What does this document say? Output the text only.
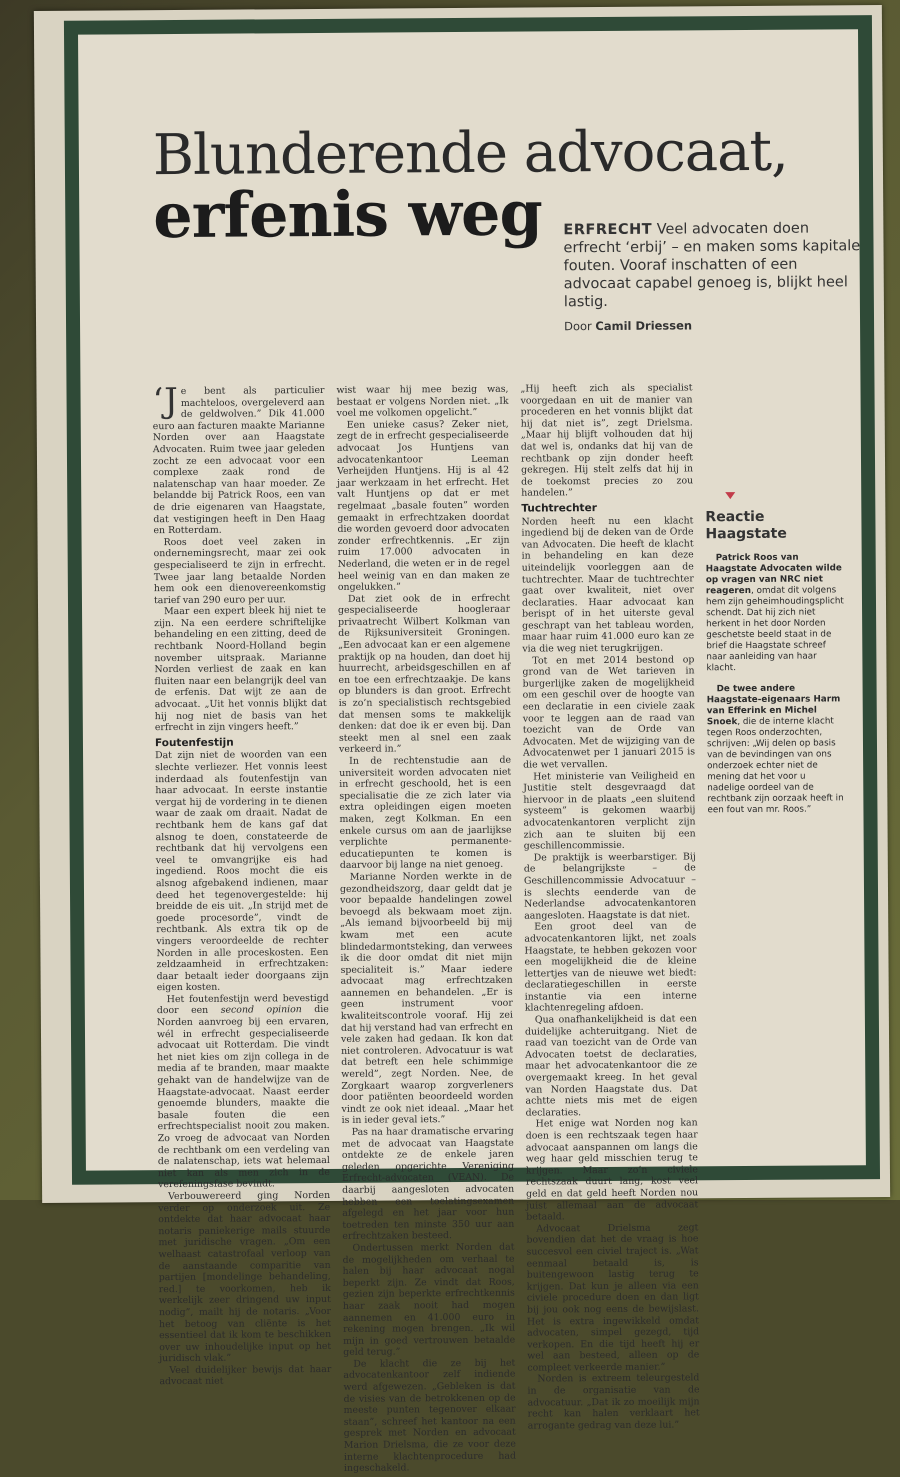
Blunderende advocaat,
erfenis weg	ERFRECHT Veel advocaten doen erfrecht ‘erbij’ – en maken soms kapitale fouten. Vooraf inschatten of een advocaat capabel genoeg is, blijkt heel lastig.
Door Camil Driessen

‘Je bent als particulier machteloos, overgeleverd aan de geldwolven.” Dik 41.000 euro aan facturen maakte Marianne Norden over aan Haagstate Advocaten. Ruim twee jaar geleden zocht ze een advocaat voor een complexe zaak rond de nalatenschap van haar moeder. Ze belandde bij Patrick Roos, een van de drie eigenaren van Haagstate, dat vestigingen heeft in Den Haag en Rotterdam.

Roos doet veel zaken in ondernemingsrecht, maar zei ook gespecialiseerd te zijn in erfrecht. Twee jaar lang betaalde Norden hem ook een dienovereenkomstig tarief van 290 euro per uur.

Maar een expert bleek hij niet te zijn. Na een eerdere schriftelijke behandeling en een zitting, deed de rechtbank Noord-Holland begin november uitspraak. Marianne Norden verliest de zaak en kan fluiten naar een belangrijk deel van de erfenis. Dat wijt ze aan de advocaat. „Uit het vonnis blijkt dat hij nog niet de basis van het erfrecht in zijn vingers heeft.”

Foutenfestijn

Dat zijn niet de woorden van een slechte verliezer. Het vonnis leest inderdaad als foutenfestijn van haar advocaat. In eerste instantie vergat hij de vordering in te dienen waar de zaak om draait. Nadat de rechtbank hem de kans gaf dat alsnog te doen, constateerde de rechtbank dat hij vervolgens een veel te omvangrijke eis had ingediend. Roos mocht die eis alsnog afgebakend indienen, maar deed het tegenovergestelde: hij breidde de eis uit. „In strijd met de goede procesorde”, vindt de rechtbank. Als extra tik op de vingers veroordeelde de rechter Norden in alle proceskosten. Een zeldzaamheid in erfrechtzaken: daar betaalt ieder doorgaans zijn eigen kosten.

Het foutenfestijn werd bevestigd door een second opinion die Norden aanvroeg bij een ervaren, wél in erfrecht gespecialiseerde advocaat uit Rotterdam. Die vindt het niet kies om zijn collega in de media af te branden, maar maakte gehakt van de handelwijze van de Haagstate-advocaat. Naast eerder genoemde blunders, maakte die basale fouten die een erfrechtspecialist nooit zou maken. Zo vroeg de advocaat van Norden de rechtbank om een verdeling van de nalatenschap, iets wat helemaal niet kan als men zich in de verefeningsfase bevindt.

Verbouwereerd ging Norden verder op onderzoek uit. Ze ontdekte dat haar advocaat haar notaris paniekerige mails stuurde met juridische vragen. „Om een welhaast catastrofaal verloop van de aanstaande comparitie van partijen [mondelinge behandeling, red.] te voorkomen, heb ik werkelijk zeer dringend uw input nodig”, mailt hij de notaris. „Voor het betoog van cliënte is het essentieel dat ik kom te beschikken over uw inhoudelijke input op het juridisch vlak.”

Veel duidelijker bewijs dat haar advocaat niet

wist waar hij mee bezig was, bestaat er volgens Norden niet. „Ik voel me volkomen opgelicht.”

Een unieke casus? Zeker niet, zegt de in erfrecht gespecialiseerde advocaat Jos Huntjens van advocatenkantoor Leeman Verheijden Huntjens. Hij is al 42 jaar werkzaam in het erfrecht. Het valt Huntjens op dat er met regelmaat „basale fouten” worden gemaakt in erfrechtzaken doordat die worden gevoerd door advocaten zonder erfrechtkennis. „Er zijn ruim 17.000 advocaten in Nederland, die weten er in de regel heel weinig van en dan maken ze ongelukken.”

Dat ziet ook de in erfrecht gespecialiseerde hoogleraar privaatrecht Wilbert Kolkman van de Rijksuniversiteit Groningen. „Een advocaat kan er een algemene praktijk op na houden, dan doet hij huurrecht, arbeidsgeschillen en af en toe een erfrechtzaakje. De kans op blunders is dan groot. Erfrecht is zo’n specialistisch rechtsgebied dat mensen soms te makkelijk denken: dat doe ik er even bij. Dan steekt men al snel een zaak verkeerd in.”

In de rechtenstudie aan de universiteit worden advocaten niet in erfrecht geschoold, het is een specialisatie die ze zich later via extra opleidingen eigen moeten maken, zegt Kolkman. En een enkele cursus om aan de jaarlijkse verplichte permanente-educatiepunten te komen is daarvoor bij lange na niet genoeg.

Marianne Norden werkte in de gezondheidszorg, daar geldt dat je voor bepaalde handelingen zowel bevoegd als bekwaam moet zijn. „Als iemand bijvoorbeeld bij mij kwam met een acute blindedarmontsteking, dan verwees ik die door omdat dit niet mijn specialiteit is.” Maar iedere advocaat mag erfrechtzaken aannemen en behandelen. „Er is geen instrument voor kwaliteitscontrole vooraf. Hij zei dat hij verstand had van erfrecht en vele zaken had gedaan. Ik kon dat niet controleren. Advocatuur is wat dat betreft een hele schimmige wereld”, zegt Norden. Nee, de Zorgkaart waarop zorgverleners door patiënten beoordeeld worden vindt ze ook niet ideaal. „Maar het is in ieder geval iets.”

Pas na haar dramatische ervaring met de advocaat van Haagstate ontdekte ze de enkele jaren geleden opgerichte Vereniging Erfrecht-advocaten (VEAN). De daarbij aangesloten advocaten hebben een toelatingsexamen afgelegd en het jaar voor hun toetreden ten minste 350 uur aan erfrechtzaken besteed.

Ondertussen merkt Norden dat de mogelijkheden om verhaal te halen bij haar advocaat nogal beperkt zijn. Ze vindt dat Roos, gezien zijn beperkte erfrechtkennis haar zaak nooit had mogen aannemen en 41.000 euro in rekening mogen brengen. „Ik wil mijn in goed vertrouwen betaalde geld terug.”

De klacht die ze bij het advocatenkantoor zelf indiende werd afgewezen. „Gebleken is dat de visies van de betrokkenen op de meeste punten tegenover elkaar staan”, schreef het kantoor na een gesprek met Norden en advocaat Marion Drielsma, die ze voor deze interne klachtenprocedure had ingeschakeld.

„Hij heeft zich als specialist voorgedaan en uit de manier van procederen en het vonnis blijkt dat hij dat niet is”, zegt Drielsma. „Maar hij blijft volhouden dat hij dat wel is, ondanks dat hij van de rechtbank op zijn donder heeft gekregen. Hij stelt zelfs dat hij in de toekomst precies zo zou handelen.”

Tuchtrechter

Norden heeft nu een klacht ingediend bij de deken van de Orde van Advocaten. Die heeft de klacht in behandeling en kan deze uiteindelijk voorleggen aan de tuchtrechter. Maar de tuchtrechter gaat over kwaliteit, niet over declaraties. Haar advocaat kan berispt of in het uiterste geval geschrapt van het tableau worden, maar haar ruim 41.000 euro kan ze via die weg niet terugkrijgen.

Tot en met 2014 bestond op grond van de Wet tarieven in burgerlijke zaken de mogelijkheid om een geschil over de hoogte van een declaratie in een civiele zaak voor te leggen aan de raad van toezicht van de Orde van Advocaten. Met de wijziging van de Advocatenwet per 1 januari 2015 is die wet vervallen.

Het ministerie van Veiligheid en Justitie stelt desgevraagd dat hiervoor in de plaats „een sluitend systeem” is gekomen waarbij advocatenkantoren verplicht zijn zich aan te sluiten bij een geschillencommissie.

De praktijk is weerbarstiger. Bij de belangrijkste – de Geschillencommissie Advocatuur – is slechts eenderde van de Nederlandse advocatenkantoren aangesloten. Haagstate is dat niet.

Een groot deel van de advocatenkantoren lijkt, net zoals Haagstate, te hebben gekozen voor een mogelijkheid die de kleine lettertjes van de nieuwe wet biedt: declaratiegeschillen in eerste instantie via een interne klachtenregeling afdoen.

Qua onafhankelijkheid is dat een duidelijke achteruitgang. Niet de raad van toezicht van de Orde van Advocaten toetst de declaraties, maar het advocatenkantoor die ze overgemaakt kreeg. In het geval van Norden Haagstate dus. Dat achtte niets mis met de eigen declaraties.

Het enige wat Norden nog kan doen is een rechtszaak tegen haar advocaat aanspannen om langs die weg haar geld misschien terug te krijgen. Maar zo’n civiele rechtszaak duurt lang, kost veel geld en dat geld heeft Norden nou juist allemaal aan de advocaat betaald.

Advocaat Drielsma zegt bovendien dat het de vraag is hoe succesvol een civiel traject is. „Wat eenmaal betaald is, is buitengewoon lastig terug te krijgen. Dat kun je alleen via een civiele procedure doen en dan ligt bij jou ook nog eens de bewijslast. Het is extra ingewikkeld omdat advocaten, simpel gezegd, tijd verkopen. En die tijd heeft hij er wel aan besteed, alleen op de compleet verkeerde manier.”

Norden is extreem teleurgesteld in de organisatie van de advocatuur. „Dat ik zo moeilijk mijn recht kan halen verklaart het arrogante gedrag van deze lui.”

Reactie Haagstate

Patrick Roos van Haagstate Advocaten wilde op vragen van NRC niet reageren, omdat dit volgens hem zijn geheimhoudingsplicht schendt. Dat hij zich niet herkent in het door Norden geschetste beeld staat in de brief die Haagstate schreef naar aanleiding van haar klacht.

De twee andere Haagstate-eigenaars Harm van Efferink en Michel Snoek, die de interne klacht tegen Roos onderzochten, schrijven: „Wij delen op basis van de bevindingen van ons onderzoek echter niet de mening dat het voor u nadelige oordeel van de rechtbank zijn oorzaak heeft in een fout van mr. Roos.”
